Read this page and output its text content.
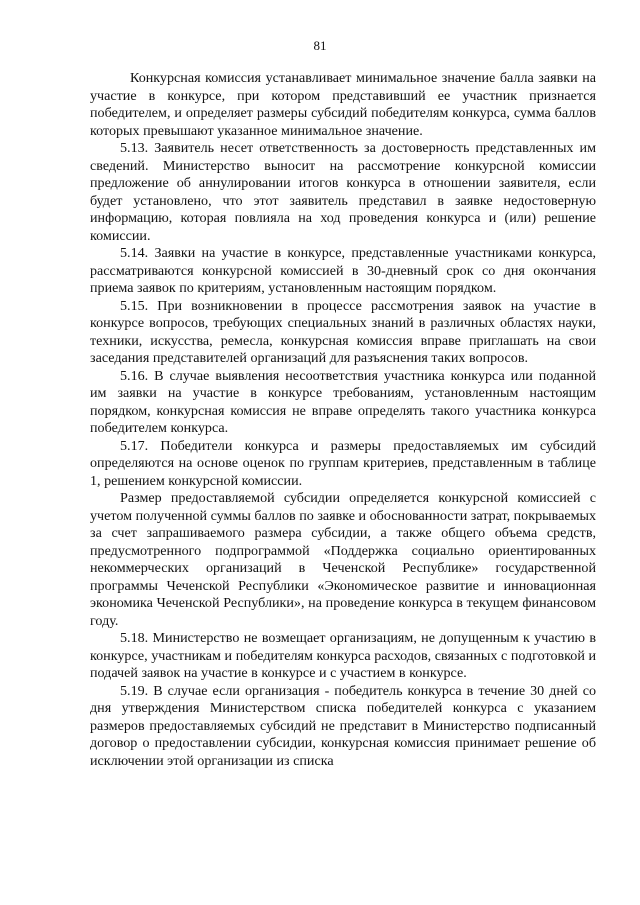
81

Конкурсная комиссия устанавливает минимальное значение балла заявки на участие в конкурсе, при котором представивший ее участник признается победителем, и определяет размеры субсидий победителям конкурса, сумма баллов которых превышают указанное минимальное значение.

5.13. Заявитель несет ответственность за достоверность представленных им сведений. Министерство выносит на рассмотрение конкурсной комиссии предложение об аннулировании итогов конкурса в отношении заявителя, если будет установлено, что этот заявитель представил в заявке недостоверную информацию, которая повлияла на ход проведения конкурса и (или) решение комиссии.

5.14. Заявки на участие в конкурсе, представленные участниками конкурса, рассматриваются конкурсной комиссией в 30-дневный срок со дня окончания приема заявок по критериям, установленным настоящим порядком.

5.15. При возникновении в процессе рассмотрения заявок на участие в конкурсе вопросов, требующих специальных знаний в различных областях науки, техники, искусства, ремесла, конкурсная комиссия вправе приглашать на свои заседания представителей организаций для разъяснения таких вопросов.

5.16. В случае выявления несоответствия участника конкурса или поданной им заявки на участие в конкурсе требованиям, установленным настоящим порядком, конкурсная комиссия не вправе определять такого участника конкурса победителем конкурса.

5.17. Победители конкурса и размеры предоставляемых им субсидий определяются на основе оценок по группам критериев, представленным в таблице 1, решением конкурсной комиссии.

Размер предоставляемой субсидии определяется конкурсной комиссией с учетом полученной суммы баллов по заявке и обоснованности затрат, покрываемых за счет запрашиваемого размера субсидии, а также общего объема средств, предусмотренного подпрограммой «Поддержка социально ориентированных некоммерческих организаций в Чеченской Республике» государственной программы Чеченской Республики «Экономическое развитие и инновационная экономика Чеченской Республики», на проведение конкурса в текущем финансовом году.

5.18. Министерство не возмещает организациям, не допущенным к участию в конкурсе, участникам и победителям конкурса расходов, связанных с подготовкой и подачей заявок на участие в конкурсе и с участием в конкурсе.

5.19. В случае если организация - победитель конкурса в течение 30 дней со дня утверждения Министерством списка победителей конкурса с указанием размеров предоставляемых субсидий не представит в Министерство подписанный договор о предоставлении субсидии, конкурсная комиссия принимает решение об исключении этой организации из списка
